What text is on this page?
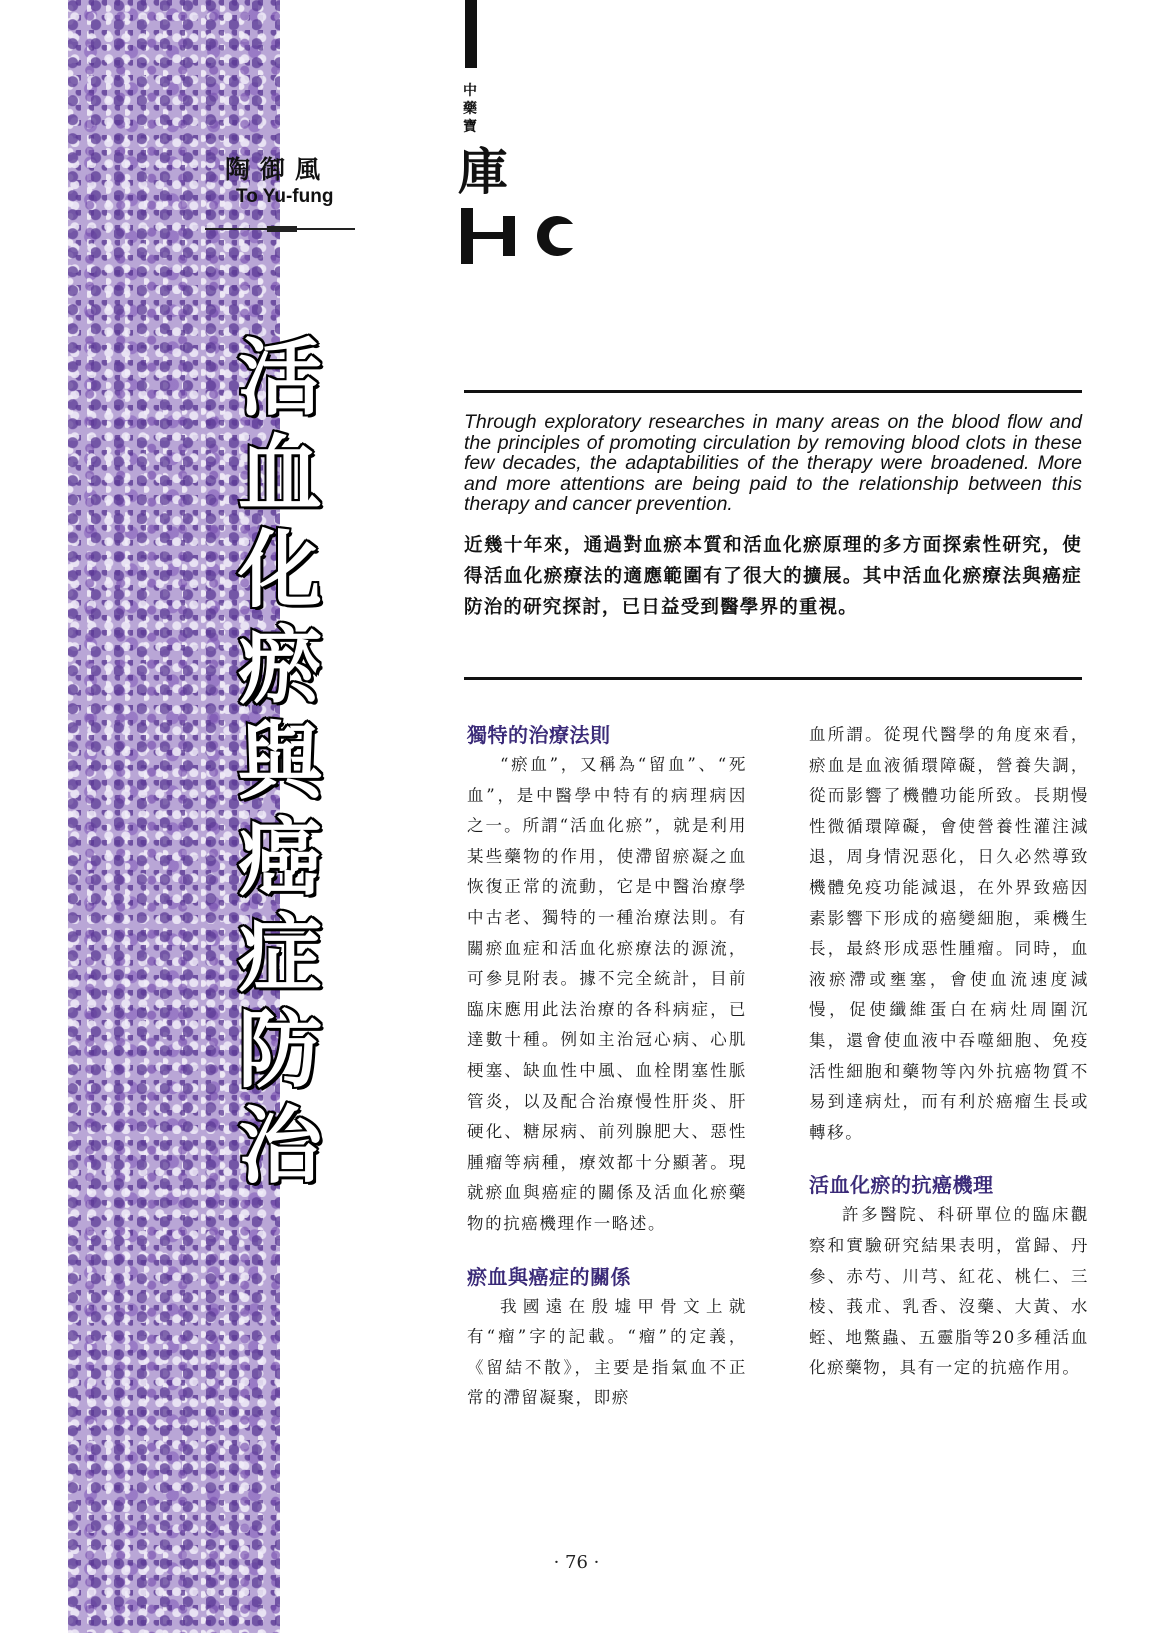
陶御風
To Yu-fung
活
血
化
瘀
與
癌
症
防
治
中
藥
寶
庫

Through exploratory researches in many areas on the blood flow and the principles of promoting circulation by removing blood clots in these few decades, the adaptabilities of the therapy were broadened. More and more attentions are being paid to the relationship between this therapy and cancer prevention.

近幾十年來，通過對血瘀本質和活血化瘀原理的多方面探索性研究，使得活血化瘀療法的適應範圍有了很大的擴展。其中活血化瘀療法與癌症防治的研究探討，已日益受到醫學界的重視。

獨特的治療法則

“瘀血”，又稱為“留血”、“死血”，是中醫學中特有的病理病因之一。所謂“活血化瘀”，就是利用某些藥物的作用，使滯留瘀凝之血恢復正常的流動，它是中醫治療學中古老、獨特的一種治療法則。有關瘀血症和活血化瘀療法的源流，可參見附表。據不完全統計，目前臨床應用此法治療的各科病症，已達數十種。例如主治冠心病、心肌梗塞、缺血性中風、血栓閉塞性脈管炎，以及配合治療慢性肝炎、肝硬化、糖尿病、前列腺肥大、惡性腫瘤等病種，療效都十分顯著。現就瘀血與癌症的關係及活血化瘀藥物的抗癌機理作一略述。

瘀血與癌症的關係

我國遠在殷墟甲骨文上就有“瘤”字的記載。“瘤”的定義，《留結不散》，主要是指氣血不正常的滯留凝聚，即瘀

血所謂。從現代醫學的角度來看，瘀血是血液循環障礙，營養失調，從而影響了機體功能所致。長期慢性微循環障礙，會使營養性灌注減退，周身情況惡化，日久必然導致機體免疫功能減退，在外界致癌因素影響下形成的癌變細胞，乘機生長，最終形成惡性腫瘤。同時，血液瘀滯或壅塞，會使血流速度減慢，促使纖維蛋白在病灶周圍沉集，還會使血液中吞噬細胞、免疫活性細胞和藥物等內外抗癌物質不易到達病灶，而有利於癌瘤生長或轉移。

活血化瘀的抗癌機理

許多醫院、科研單位的臨床觀察和實驗研究結果表明，當歸、丹參、赤芍、川芎、紅花、桃仁、三棱、莪朮、乳香、沒藥、大黃、水蛭、地鱉蟲、五靈脂等20多種活血化瘀藥物，具有一定的抗癌作用。

· 76 ·
